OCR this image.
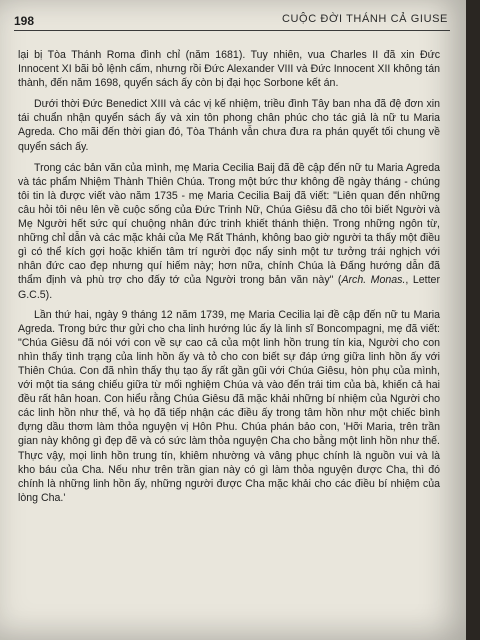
198	CUỘC ĐỜI THÁNH CẢ GIUSE

lại bị Tòa Thánh Roma đình chỉ (năm 1681). Tuy nhiên, vua Charles II đã xin Đức Innocent XI bãi bỏ lệnh cấm, nhưng rồi Đức Alexander VIII và Đức Innocent XII không tán thành, đến năm 1698, quyển sách ấy còn bị đại học Sorbone kết án.

Dưới thời Đức Benedict XIII và các vị kế nhiệm, triều đình Tây ban nha đã đệ đơn xin tái chuẩn nhận quyển sách ấy và xin tôn phong chân phúc cho tác giả là nữ tu Maria Agreda. Cho mãi đến thời gian đó, Tòa Thánh vẫn chưa đưa ra phán quyết tối chung về quyển sách ấy.

Trong các bản văn của mình, mẹ Maria Cecilia Baij đã đề cập đến nữ tu Maria Agreda và tác phẩm Nhiệm Thành Thiên Chúa. Trong một bức thư không đề ngày tháng - chúng tôi tin là được viết vào năm 1735 - mẹ Maria Cecilia Baij đã viết: "Liên quan đến những câu hỏi tôi nêu lên về cuộc sống của Đức Trinh Nữ, Chúa Giêsu đã cho tôi biết Người và Mẹ Người hết sức quí chuộng nhân đức trinh khiết thánh thiện. Trong những ngôn từ, những chỉ dẫn và các mặc khải của Mẹ Rất Thánh, không bao giờ người ta thấy một điều gì có thể kích gợi hoặc khiến tâm trí người đọc nẩy sinh một tư tưởng trái nghịch với nhân đức cao đẹp nhưng quí hiếm này; hơn nữa, chính Chúa là Đấng hướng dẫn đã thẩm định và phù trợ cho đấy tớ của Người trong bản văn này" (Arch. Monas., Letter G.C.5).

Lần thứ hai, ngày 9 tháng 12 năm 1739, mẹ Maria Cecilia lại đề cập đến nữ tu Maria Agreda. Trong bức thư gửi cho cha linh hướng lúc ấy là linh sĩ Boncompagni, mẹ đã viết: "Chúa Giêsu đã nói với con về sự cao cả của một linh hồn trung tín kia, Người cho con nhìn thấy tình trạng của linh hồn ấy và tỏ cho con biết sự đáp ứng giữa linh hồn ấy với Thiên Chúa. Con đã nhìn thấy thụ tạo ấy rất gần gũi với Chúa Giêsu, hòn phụ của mình, với một tia sáng chiếu giữa từ mối nghiệm Chúa và vào đến trái tim của bà, khiến cả hai đều rất hân hoan. Con hiểu rằng Chúa Giêsu đã mặc khải những bí nhiệm của Người cho các linh hồn như thế, và họ đã tiếp nhận các điều ấy trong tâm hồn như một chiếc bình đựng dầu thơm làm thỏa nguyện vị Hôn Phu. Chúa phán bảo con, 'Hỡi Maria, trên trần gian này không gì đẹp đẽ và có sức làm thỏa nguyện Cha cho bằng một linh hồn như thế. Thực vậy, mọi linh hồn trung tín, khiêm nhường và vâng phục chính là nguồn vui và là kho báu của Cha. Nếu như trên trần gian này có gì làm thỏa nguyện được Cha, thì đó chính là những linh hồn ấy, những người được Cha mặc khải cho các điều bí nhiệm của lòng Cha.'
